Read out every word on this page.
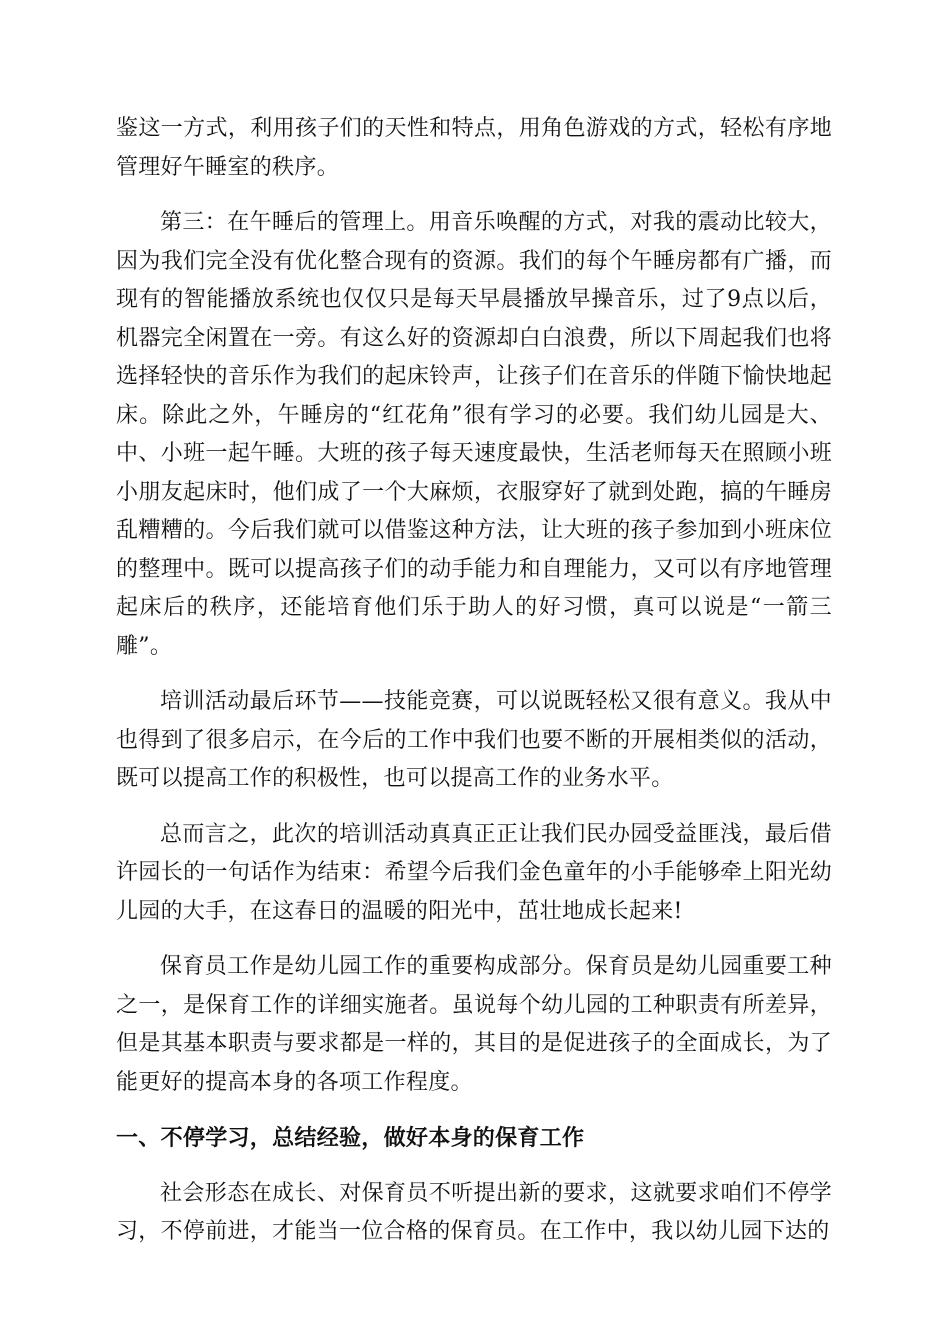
鉴这一方式，利用孩子们的天性和特点，用角色游戏的方式，轻松有序地管理好午睡室的秩序。

第三：在午睡后的管理上。用音乐唤醒的方式，对我的震动比较大，因为我们完全没有优化整合现有的资源。我们的每个午睡房都有广播，而现有的智能播放系统也仅仅只是每天早晨播放早操音乐，过了9点以后，机器完全闲置在一旁。有这么好的资源却白白浪费，所以下周起我们也将选择轻快的音乐作为我们的起床铃声，让孩子们在音乐的伴随下愉快地起床。除此之外，午睡房的“红花角”很有学习的必要。我们幼儿园是大、中、小班一起午睡。大班的孩子每天速度最快，生活老师每天在照顾小班小朋友起床时，他们成了一个大麻烦，衣服穿好了就到处跑，搞的午睡房乱糟糟的。今后我们就可以借鉴这种方法，让大班的孩子参加到小班床位的整理中。既可以提高孩子们的动手能力和自理能力，又可以有序地管理起床后的秩序，还能培育他们乐于助人的好习惯，真可以说是“一箭三雕”。

培训活动最后环节——技能竞赛，可以说既轻松又很有意义。我从中也得到了很多启示，在今后的工作中我们也要不断的开展相类似的活动，既可以提高工作的积极性，也可以提高工作的业务水平。

总而言之，此次的培训活动真真正正让我们民办园受益匪浅，最后借许园长的一句话作为结束：希望今后我们金色童年的小手能够牵上阳光幼儿园的大手，在这春日的温暖的阳光中，茁壮地成长起来!

保育员工作是幼儿园工作的重要构成部分。保育员是幼儿园重要工种之一，是保育工作的详细实施者。虽说每个幼儿园的工种职责有所差异，但是其基本职责与要求都是一样的，其目的是促进孩子的全面成长，为了能更好的提高本身的各项工作程度。

一、不停学习，总结经验，做好本身的保育工作

社会形态在成长、对保育员不听提出新的要求，这就要求咱们不停学习，不停前进，才能当一位合格的保育员。在工作中，我以幼儿园下达的
